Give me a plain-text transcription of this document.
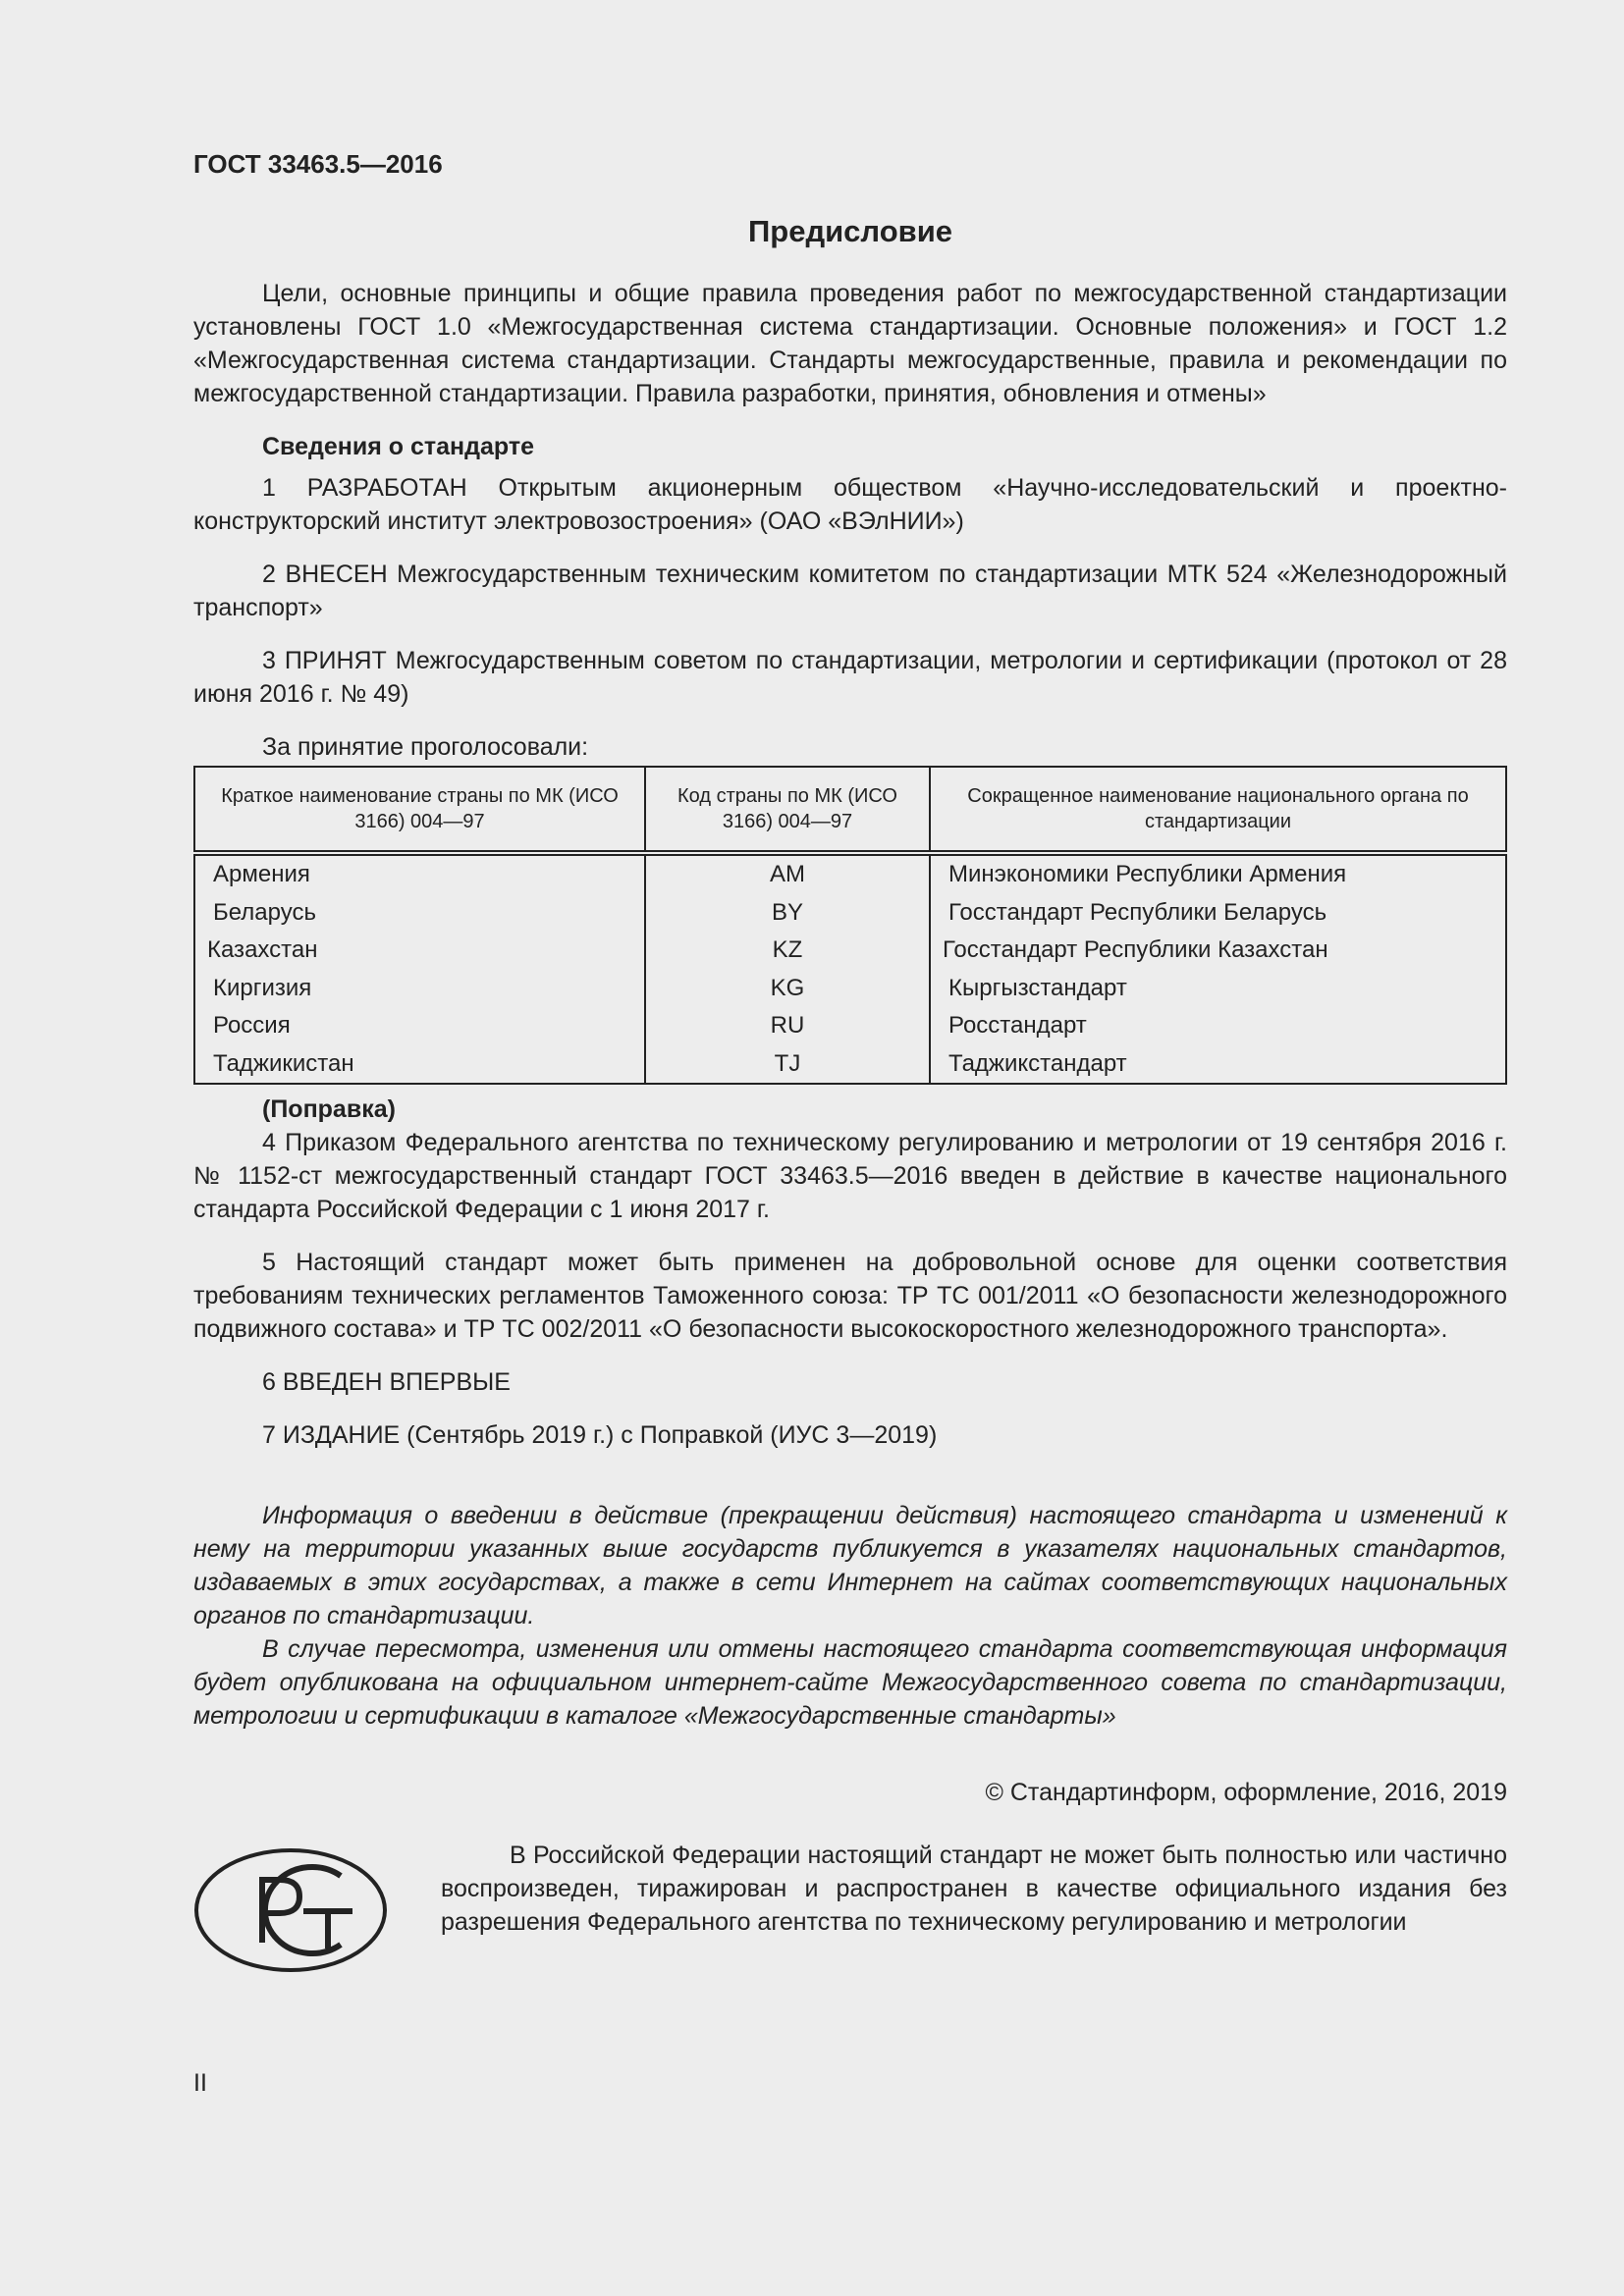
ГОСТ 33463.5—2016
Предисловие

Цели, основные принципы и общие правила проведения работ по межгосударственной стандартизации установлены ГОСТ 1.0 «Межгосударственная система стандартизации. Основные положения» и ГОСТ 1.2 «Межгосударственная система стандартизации. Стандарты межгосударственные, правила и рекомендации по межгосударственной стандартизации. Правила разработки, принятия, обновления и отмены»

Сведения о стандарте

1 РАЗРАБОТАН Открытым акционерным обществом «Научно-исследовательский и проектно-конструкторский институт электровозостроения» (ОАО «ВЭлНИИ»)

2 ВНЕСЕН Межгосударственным техническим комитетом по стандартизации МТК 524 «Железнодорожный транспорт»

3 ПРИНЯТ Межгосударственным советом по стандартизации, метрологии и сертификации (протокол от 28 июня 2016 г. № 49)

За принятие проголосовали:

Краткое наименование страны по МК (ИСО 3166) 004—97	Код страны по МК (ИСО 3166) 004—97	Сокращенное наименование национального органа по стандартизации
Армения	AM	Минэкономики Республики Армения
Беларусь	BY	Госстандарт Республики Беларусь
Казахстан	KZ	Госстандарт Республики Казахстан
Киргизия	KG	Кыргызстандарт
Россия	RU	Росстандарт
Таджикистан	TJ	Таджикстандарт

(Поправка)

4 Приказом Федерального агентства по техническому регулированию и метрологии от 19 сентября 2016 г. № 1152-ст межгосударственный стандарт ГОСТ 33463.5—2016 введен в действие в качестве национального стандарта Российской Федерации с 1 июня 2017 г.

5 Настоящий стандарт может быть применен на добровольной основе для оценки соответствия требованиям технических регламентов Таможенного союза: ТР ТС 001/2011 «О безопасности железнодорожного подвижного состава» и ТР ТС 002/2011 «О безопасности высокоскоростного железнодорожного транспорта».

6 ВВЕДЕН ВПЕРВЫЕ

7 ИЗДАНИЕ (Сентябрь 2019 г.) с Поправкой (ИУС 3—2019)

Информация о введении в действие (прекращении действия) настоящего стандарта и изменений к нему на территории указанных выше государств публикуется в указателях национальных стандартов, издаваемых в этих государствах, а также в сети Интернет на сайтах соответствующих национальных органов по стандартизации.

В случае пересмотра, изменения или отмены настоящего стандарта соответствующая информация будет опубликована на официальном интернет-сайте Межгосударственного совета по стандартизации, метрологии и сертификации в каталоге «Межгосударственные стандарты»

© Стандартинформ, оформление, 2016, 2019

В Российской Федерации настоящий стандарт не может быть полностью или частично воспроизведен, тиражирован и распространен в качестве официального издания без разрешения Федерального агентства по техническому регулированию и метрологии

II
